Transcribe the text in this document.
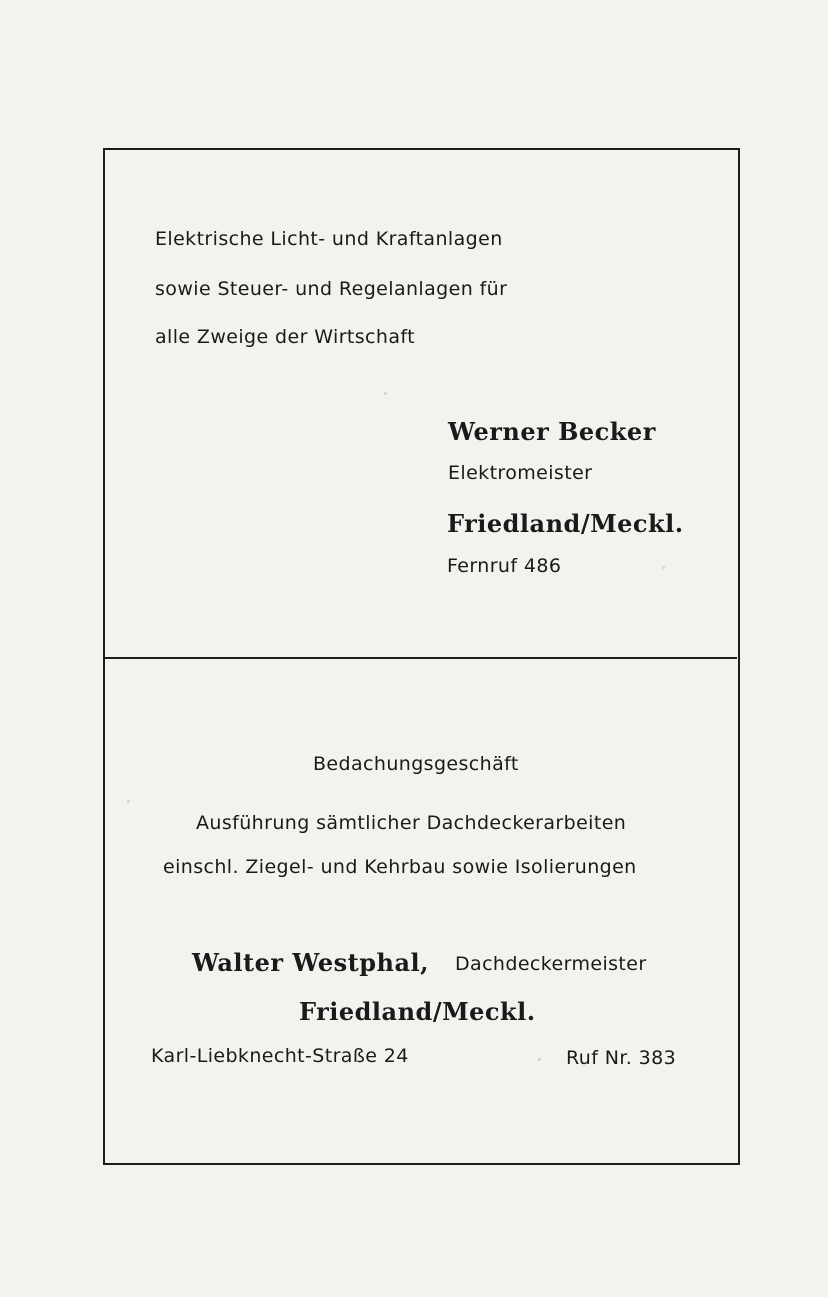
Elektrische Licht- und Kraftanlagen
sowie Steuer- und Regelanlagen für
alle Zweige der Wirtschaft
Werner Becker
Elektromeister
Friedland/Meckl.
Fernruf 486
Bedachungsgeschäft
Ausführung sämtlicher Dachdeckerarbeiten
einschl. Ziegel- und Kehrbau sowie Isolierungen
Walter Westphal, Dachdeckermeister
Friedland/Meckl.
Karl-Liebknecht-Straße 24	Ruf Nr. 383
